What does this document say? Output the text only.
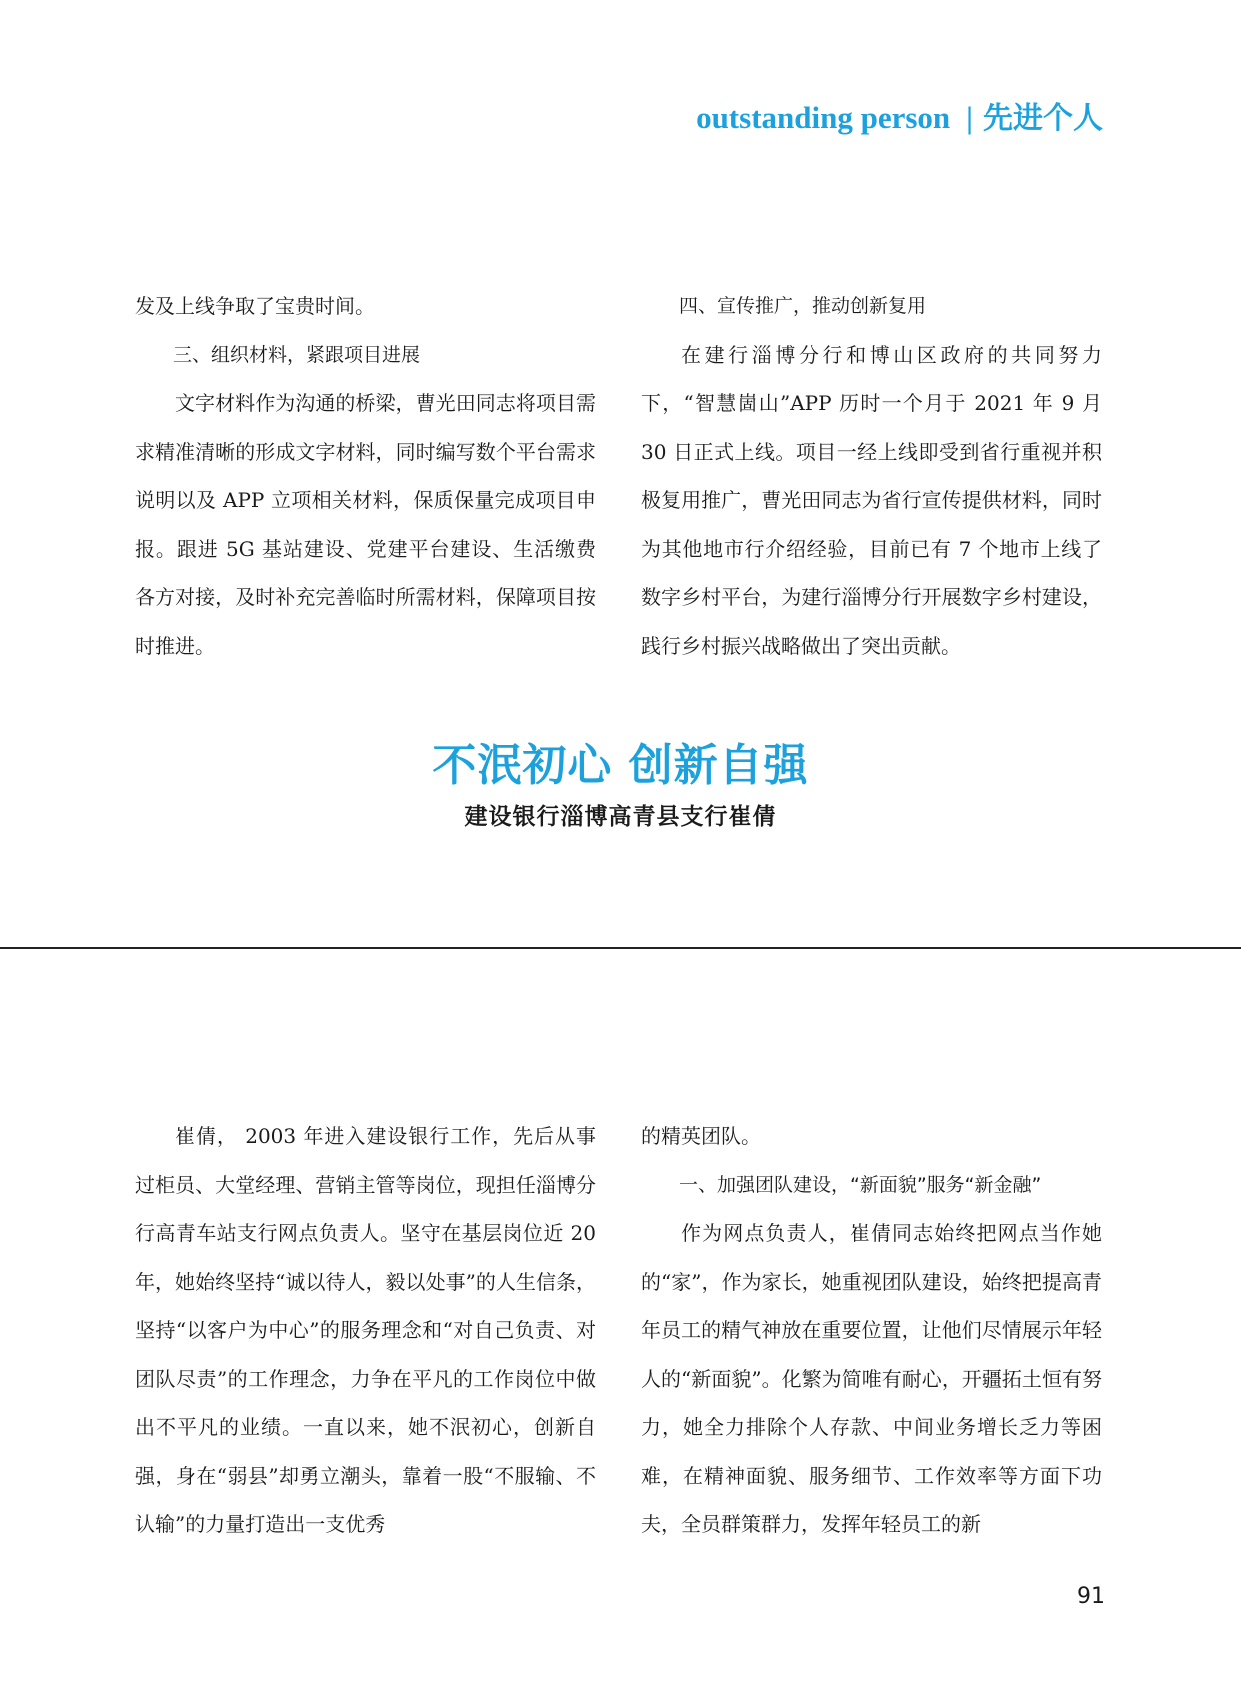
outstanding person | 先进个人

发及上线争取了宝贵时间。

三、组织材料，紧跟项目进展

文字材料作为沟通的桥梁，曹光田同志将项目需求精准清晰的形成文字材料，同时编写数个平台需求说明以及 APP 立项相关材料，保质保量完成项目申报。跟进 5G 基站建设、党建平台建设、生活缴费各方对接，及时补充完善临时所需材料，保障项目按时推进。

四、宣传推广，推动创新复用

在建行淄博分行和博山区政府的共同努力下，“智慧崮山”APP 历时一个月于 2021 年 9 月 30 日正式上线。项目一经上线即受到省行重视并积极复用推广，曹光田同志为省行宣传提供材料，同时为其他地市行介绍经验，目前已有 7 个地市上线了数字乡村平台，为建行淄博分行开展数字乡村建设，践行乡村振兴战略做出了突出贡献。

不泯初心 创新自强
建设银行淄博高青县支行崔倩

崔倩， 2003 年进入建设银行工作，先后从事过柜员、大堂经理、营销主管等岗位，现担任淄博分行高青车站支行网点负责人。坚守在基层岗位近 20 年，她始终坚持“诚以待人，毅以处事”的人生信条，坚持“以客户为中心”的服务理念和“对自己负责、对团队尽责”的工作理念，力争在平凡的工作岗位中做出不平凡的业绩。一直以来，她不泯初心，创新自强，身在“弱县”却勇立潮头，靠着一股“不服输、不认输”的力量打造出一支优秀

的精英团队。

一、加强团队建设，“新面貌”服务“新金融”

作为网点负责人，崔倩同志始终把网点当作她的“家”，作为家长，她重视团队建设，始终把提高青年员工的精气神放在重要位置，让他们尽情展示年轻人的“新面貌”。化繁为简唯有耐心，开疆拓土恒有努力，她全力排除个人存款、中间业务增长乏力等困难，在精神面貌、服务细节、工作效率等方面下功夫，全员群策群力，发挥年轻员工的新

91
